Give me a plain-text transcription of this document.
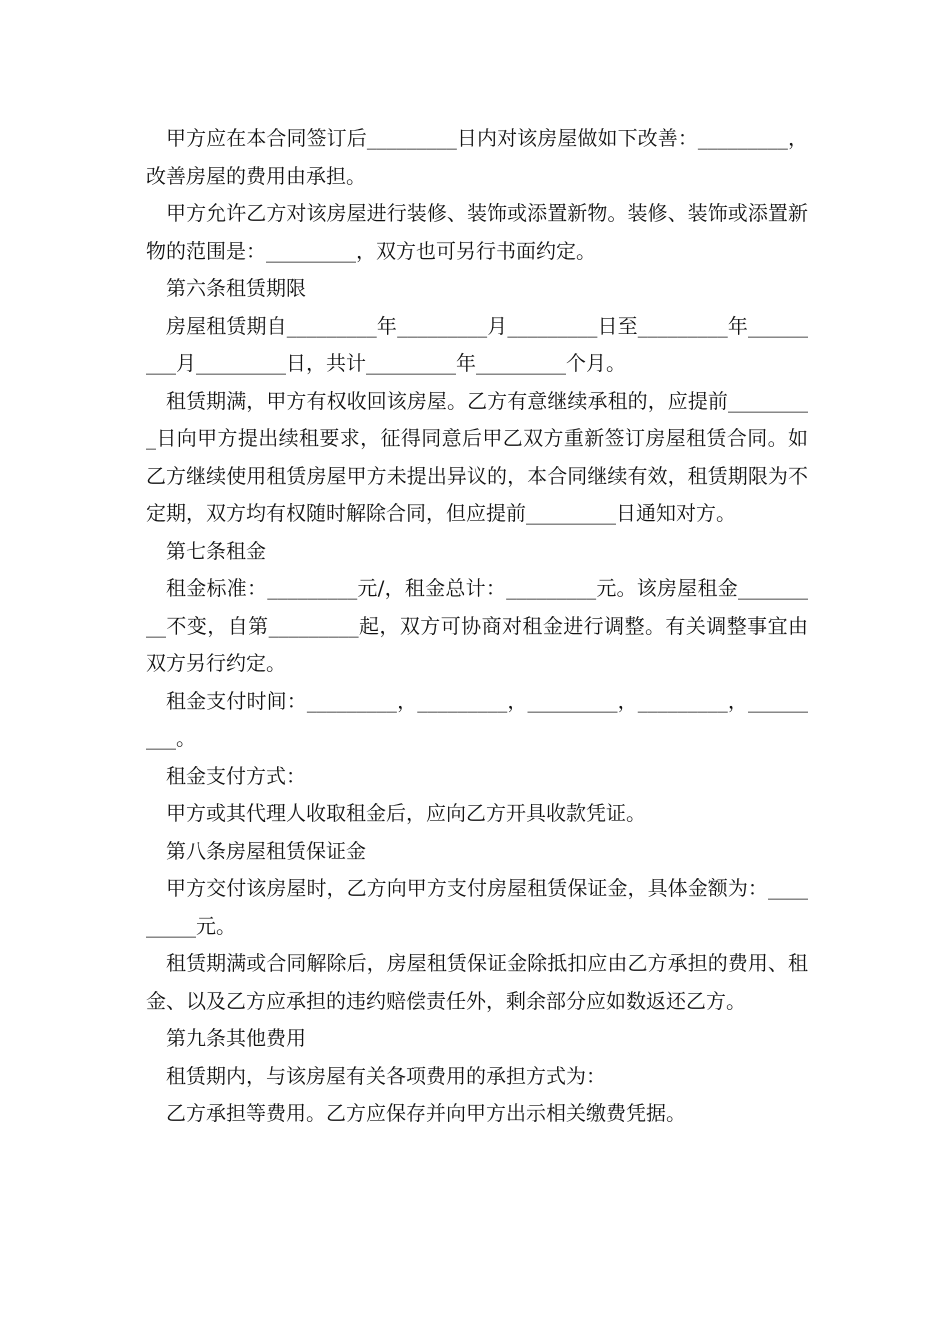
甲方应在本合同签订后_________日内对该房屋做如下改善：_________，改善房屋的费用由承担。

甲方允许乙方对该房屋进行装修、装饰或添置新物。装修、装饰或添置新物的范围是：_________，双方也可另行书面约定。

第六条租赁期限

房屋租赁期自_________年_________月_________日至_________年_________月_________日，共计_________年_________个月。

租赁期满，甲方有权收回该房屋。乙方有意继续承租的，应提前_________日向甲方提出续租要求，征得同意后甲乙双方重新签订房屋租赁合同。如乙方继续使用租赁房屋甲方未提出异议的，本合同继续有效，租赁期限为不定期，双方均有权随时解除合同，但应提前_________日通知对方。

第七条租金

租金标准：_________元/，租金总计：_________元。该房屋租金_________不变，自第_________起，双方可协商对租金进行调整。有关调整事宜由双方另行约定。

租金支付时间：_________，_________，_________，_________，_________。

租金支付方式：

甲方或其代理人收取租金后，应向乙方开具收款凭证。

第八条房屋租赁保证金

甲方交付该房屋时，乙方向甲方支付房屋租赁保证金，具体金额为：_________元。

租赁期满或合同解除后，房屋租赁保证金除抵扣应由乙方承担的费用、租金、以及乙方应承担的违约赔偿责任外，剩余部分应如数返还乙方。

第九条其他费用

租赁期内，与该房屋有关各项费用的承担方式为：

乙方承担等费用。乙方应保存并向甲方出示相关缴费凭据。
